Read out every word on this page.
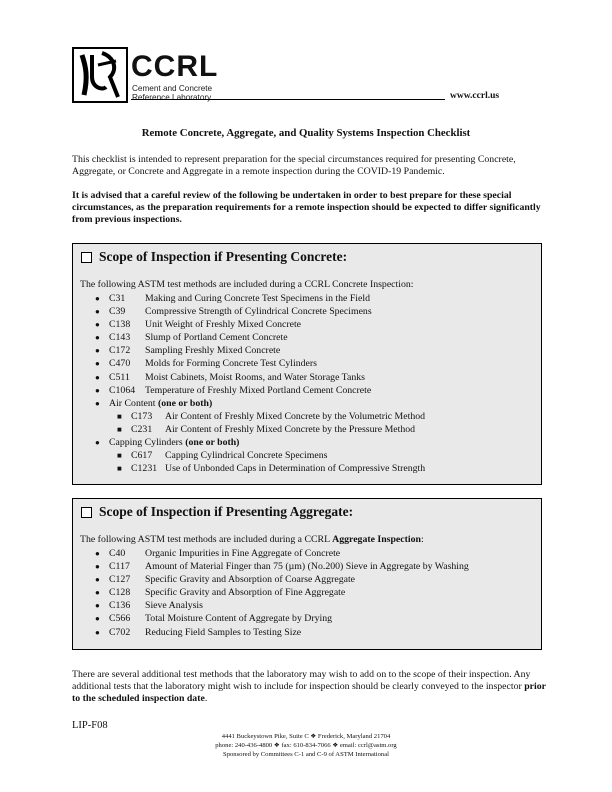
CCRL
Cement and Concrete
Reference Laboratory	www.ccrl.us
Remote Concrete, Aggregate, and Quality Systems Inspection Checklist

This checklist is intended to represent preparation for the special circumstances required for presenting Concrete, Aggregate, or Concrete and Aggregate in a remote inspection during the COVID-19 Pandemic.

It is advised that a careful review of the following be undertaken in order to best prepare for these special circumstances, as the preparation requirements for a remote inspection should be expected to differ significantly from previous inspections.

Scope of Inspection if Presenting Concrete:
The following ASTM test methods are included during a CCRL Concrete Inspection:
● C31 Making and Curing Concrete Test Specimens in the Field
● C39 Compressive Strength of Cylindrical Concrete Specimens
● C138 Unit Weight of Freshly Mixed Concrete
● C143 Slump of Portland Cement Concrete
● C172 Sampling Freshly Mixed Concrete
● C470 Molds for Forming Concrete Test Cylinders
● C511 Moist Cabinets, Moist Rooms, and Water Storage Tanks
● C1064 Temperature of Freshly Mixed Portland Cement Concrete
● Air Content (one or both)
■ C173 Air Content of Freshly Mixed Concrete by the Volumetric Method
■ C231 Air Content of Freshly Mixed Concrete by the Pressure Method
● Capping Cylinders (one or both)
■ C617 Capping Cylindrical Concrete Specimens
■ C1231 Use of Unbonded Caps in Determination of Compressive Strength
Scope of Inspection if Presenting Aggregate:
The following ASTM test methods are included during a CCRL Aggregate Inspection:
● C40 Organic Impurities in Fine Aggregate of Concrete
● C117 Amount of Material Finger than 75 (µm) (No.200) Sieve in Aggregate by Washing
● C127 Specific Gravity and Absorption of Coarse Aggregate
● C128 Specific Gravity and Absorption of Fine Aggregate
● C136 Sieve Analysis
● C566 Total Moisture Content of Aggregate by Drying
● C702 Reducing Field Samples to Testing Size

There are several additional test methods that the laboratory may wish to add on to the scope of their inspection. Any additional tests that the laboratory might wish to include for inspection should be clearly conveyed to the inspector prior to the scheduled inspection date.

LIP-F08
4441 Buckeystown Pike, Suite C ❖ Frederick, Maryland 21704
phone: 240-436-4800 ❖ fax: 610-834-7066 ❖ email: ccrl@astm.org
Sponsored by Committees C-1 and C-9 of ASTM International
